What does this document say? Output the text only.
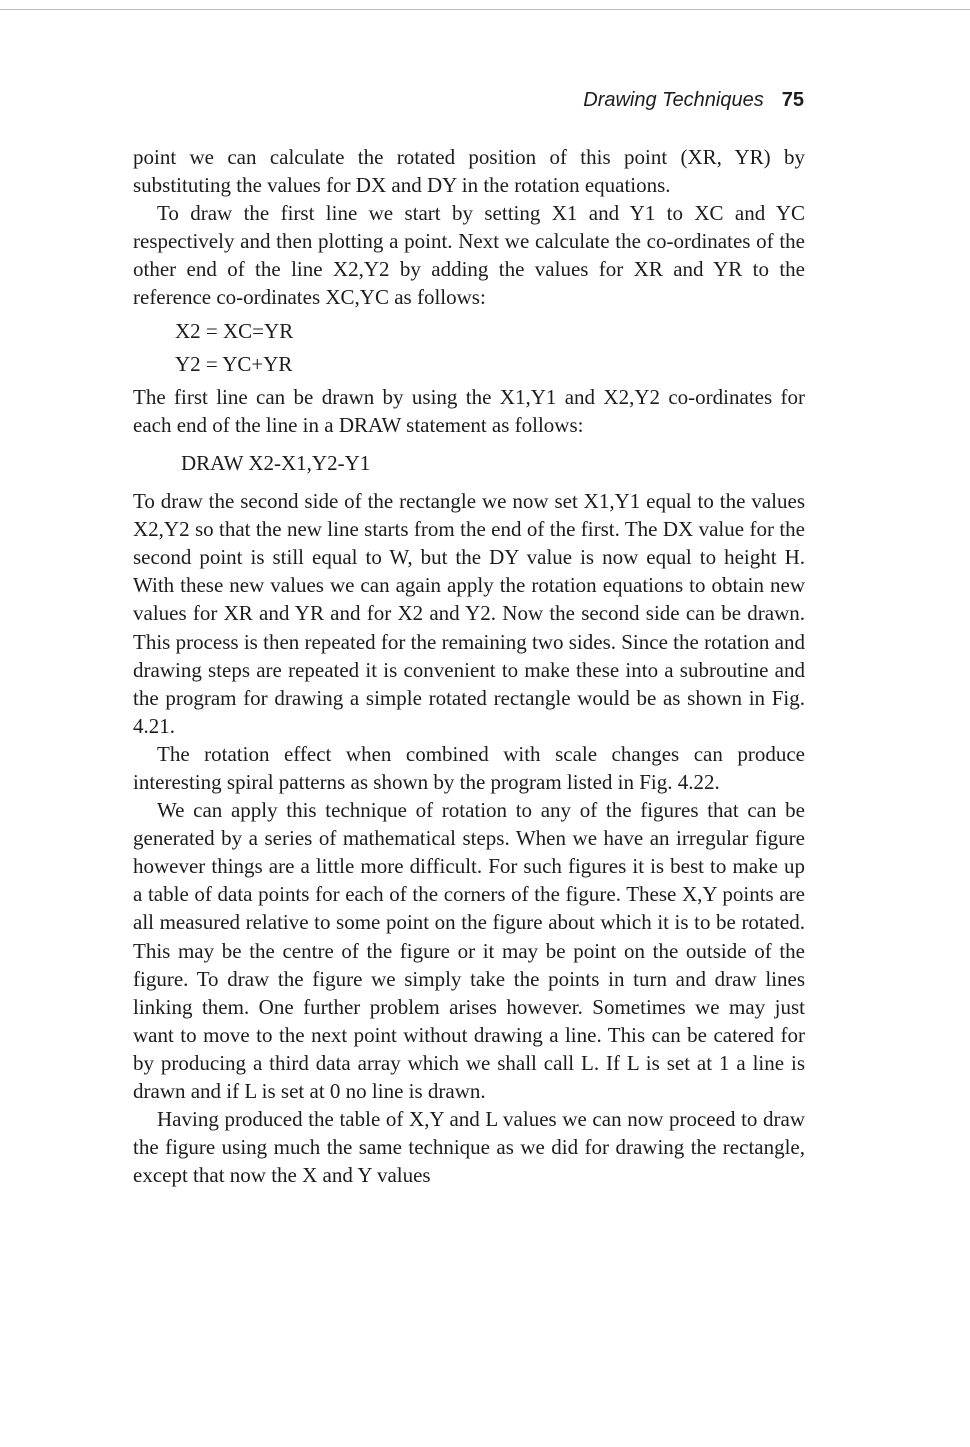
Drawing Techniques 75

point we can calculate the rotated position of this point (XR, YR) by substituting the values for DX and DY in the rotation equations.

To draw the first line we start by setting X1 and Y1 to XC and YC respectively and then plotting a point. Next we calculate the co-ordinates of the other end of the line X2,Y2 by adding the values for XR and YR to the reference co-ordinates XC,YC as follows:

X2 = XC=YR
Y2 = YC+YR

The first line can be drawn by using the X1,Y1 and X2,Y2 co-ordinates for each end of the line in a DRAW statement as follows:

DRAW X2-X1,Y2-Y1

To draw the second side of the rectangle we now set X1,Y1 equal to the values X2,Y2 so that the new line starts from the end of the first. The DX value for the second point is still equal to W, but the DY value is now equal to height H. With these new values we can again apply the rotation equations to obtain new values for XR and YR and for X2 and Y2. Now the second side can be drawn. This process is then repeated for the remaining two sides. Since the rotation and drawing steps are repeated it is convenient to make these into a subroutine and the program for drawing a simple rotated rectangle would be as shown in Fig. 4.21.

The rotation effect when combined with scale changes can produce interesting spiral patterns as shown by the program listed in Fig. 4.22.

We can apply this technique of rotation to any of the figures that can be generated by a series of mathematical steps. When we have an irregular figure however things are a little more difficult. For such figures it is best to make up a table of data points for each of the corners of the figure. These X,Y points are all measured relative to some point on the figure about which it is to be rotated. This may be the centre of the figure or it may be point on the outside of the figure. To draw the figure we simply take the points in turn and draw lines linking them. One further problem arises however. Sometimes we may just want to move to the next point without drawing a line. This can be catered for by producing a third data array which we shall call L. If L is set at 1 a line is drawn and if L is set at 0 no line is drawn.

Having produced the table of X,Y and L values we can now proceed to draw the figure using much the same technique as we did for drawing the rectangle, except that now the X and Y values
